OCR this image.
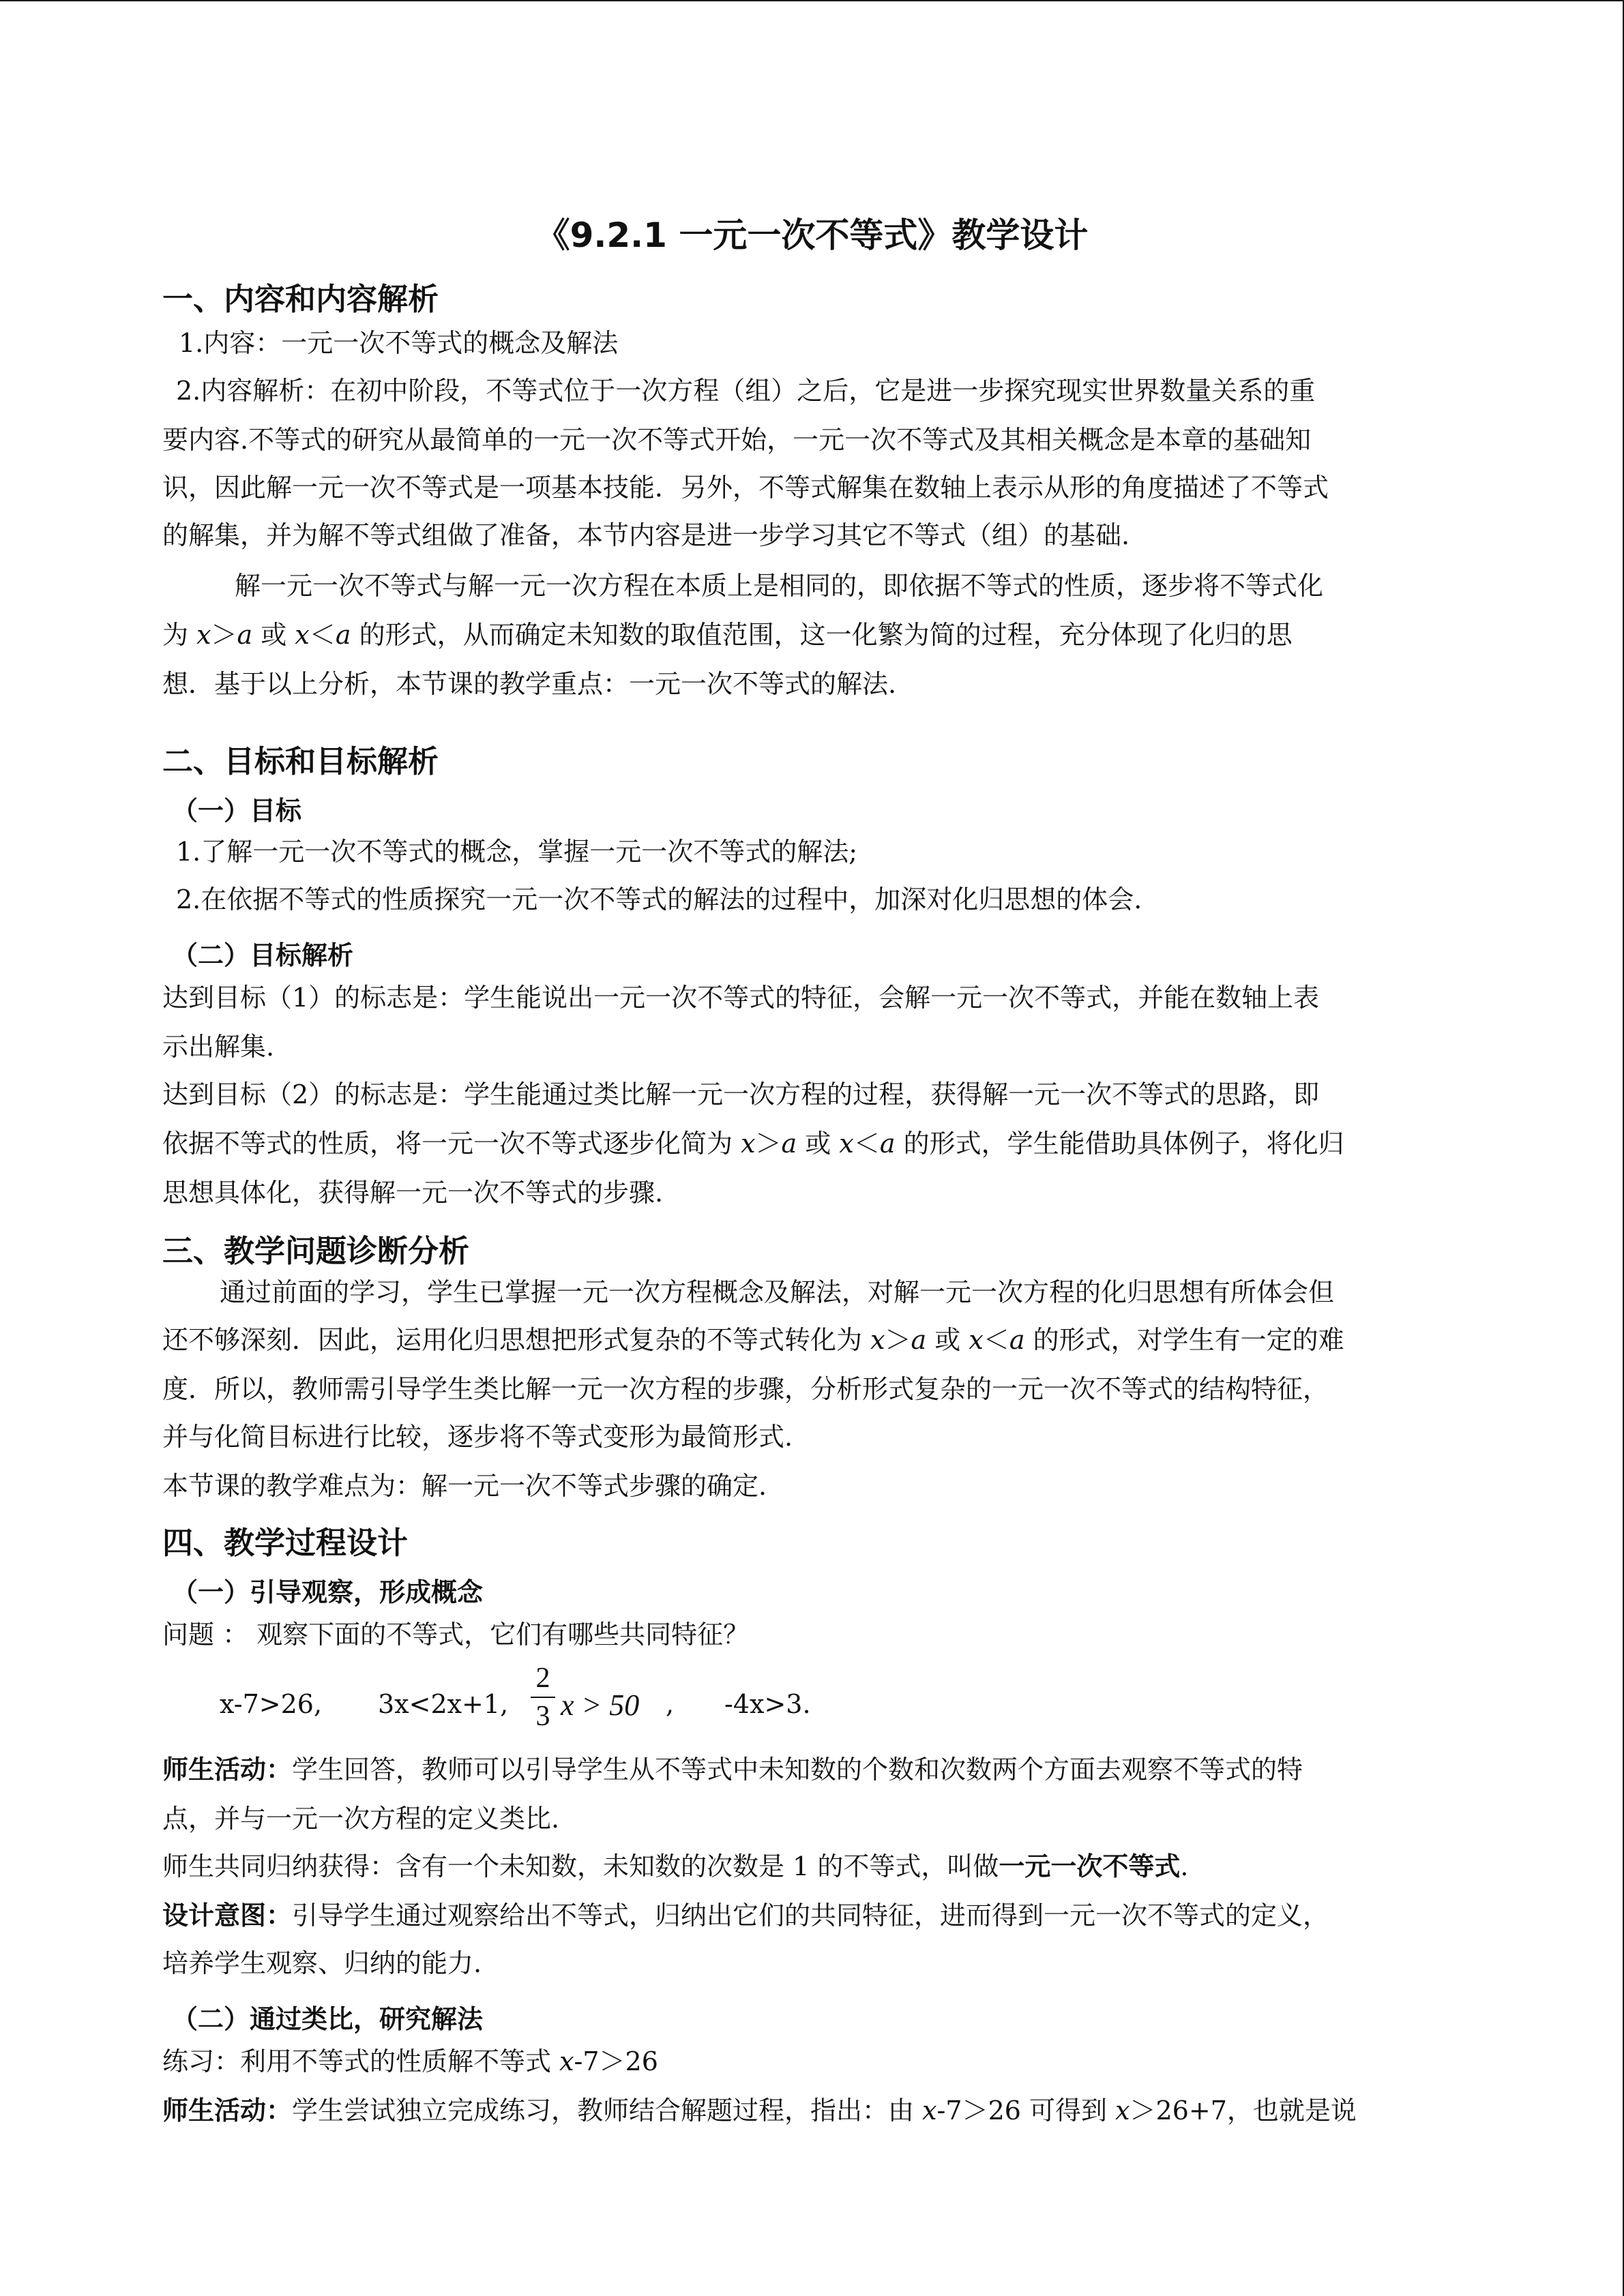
《9.2.1 一元一次不等式》教学设计
一、内容和内容解析
1.内容：一元一次不等式的概念及解法
2.内容解析：在初中阶段，不等式位于一次方程（组）之后，它是进一步探究现实世界数量关系的重
要内容.不等式的研究从最简单的一元一次不等式开始，一元一次不等式及其相关概念是本章的基础知
识，因此解一元一次不等式是一项基本技能．另外，不等式解集在数轴上表示从形的角度描述了不等式
的解集，并为解不等式组做了准备，本节内容是进一步学习其它不等式（组）的基础.
解一元一次不等式与解一元一次方程在本质上是相同的，即依据不等式的性质，逐步将不等式化
为 x＞a 或 x＜a 的形式，从而确定未知数的取值范围，这一化繁为简的过程，充分体现了化归的思
想．基于以上分析，本节课的教学重点：一元一次不等式的解法.
二、目标和目标解析
（一）目标
1.了解一元一次不等式的概念，掌握一元一次不等式的解法;
2.在依据不等式的性质探究一元一次不等式的解法的过程中，加深对化归思想的体会.
（二）目标解析
达到目标（1）的标志是：学生能说出一元一次不等式的特征，会解一元一次不等式，并能在数轴上表
示出解集.
达到目标（2）的标志是：学生能通过类比解一元一次方程的过程，获得解一元一次不等式的思路，即
依据不等式的性质，将一元一次不等式逐步化简为 x＞a 或 x＜a 的形式，学生能借助具体例子，将化归
思想具体化，获得解一元一次不等式的步骤.
三、教学问题诊断分析
通过前面的学习，学生已掌握一元一次方程概念及解法，对解一元一次方程的化归思想有所体会但
还不够深刻．因此，运用化归思想把形式复杂的不等式转化为 x＞a 或 x＜a 的形式，对学生有一定的难
度．所以，教师需引导学生类比解一元一次方程的步骤，分析形式复杂的一元一次不等式的结构特征，
并与化简目标进行比较，逐步将不等式变形为最简形式.
本节课的教学难点为：解一元一次不等式步骤的确定.
四、教学过程设计
（一）引导观察，形成概念
问题 ： 观察下面的不等式，它们有哪些共同特征？
x-7>26, 3x<2x+1, $\frac{2}{3}$ x > 50 , -4x>3.
师生活动：学生回答，教师可以引导学生从不等式中未知数的个数和次数两个方面去观察不等式的特
点，并与一元一次方程的定义类比.
师生共同归纳获得：含有一个未知数，未知数的次数是 1 的不等式，叫做一元一次不等式.
设计意图：引导学生通过观察给出不等式，归纳出它们的共同特征，进而得到一元一次不等式的定义，
培养学生观察、归纳的能力.
（二）通过类比，研究解法
练习：利用不等式的性质解不等式 x-7＞26
师生活动：学生尝试独立完成练习，教师结合解题过程，指出：由 x-7＞26 可得到 x＞26+7，也就是说
